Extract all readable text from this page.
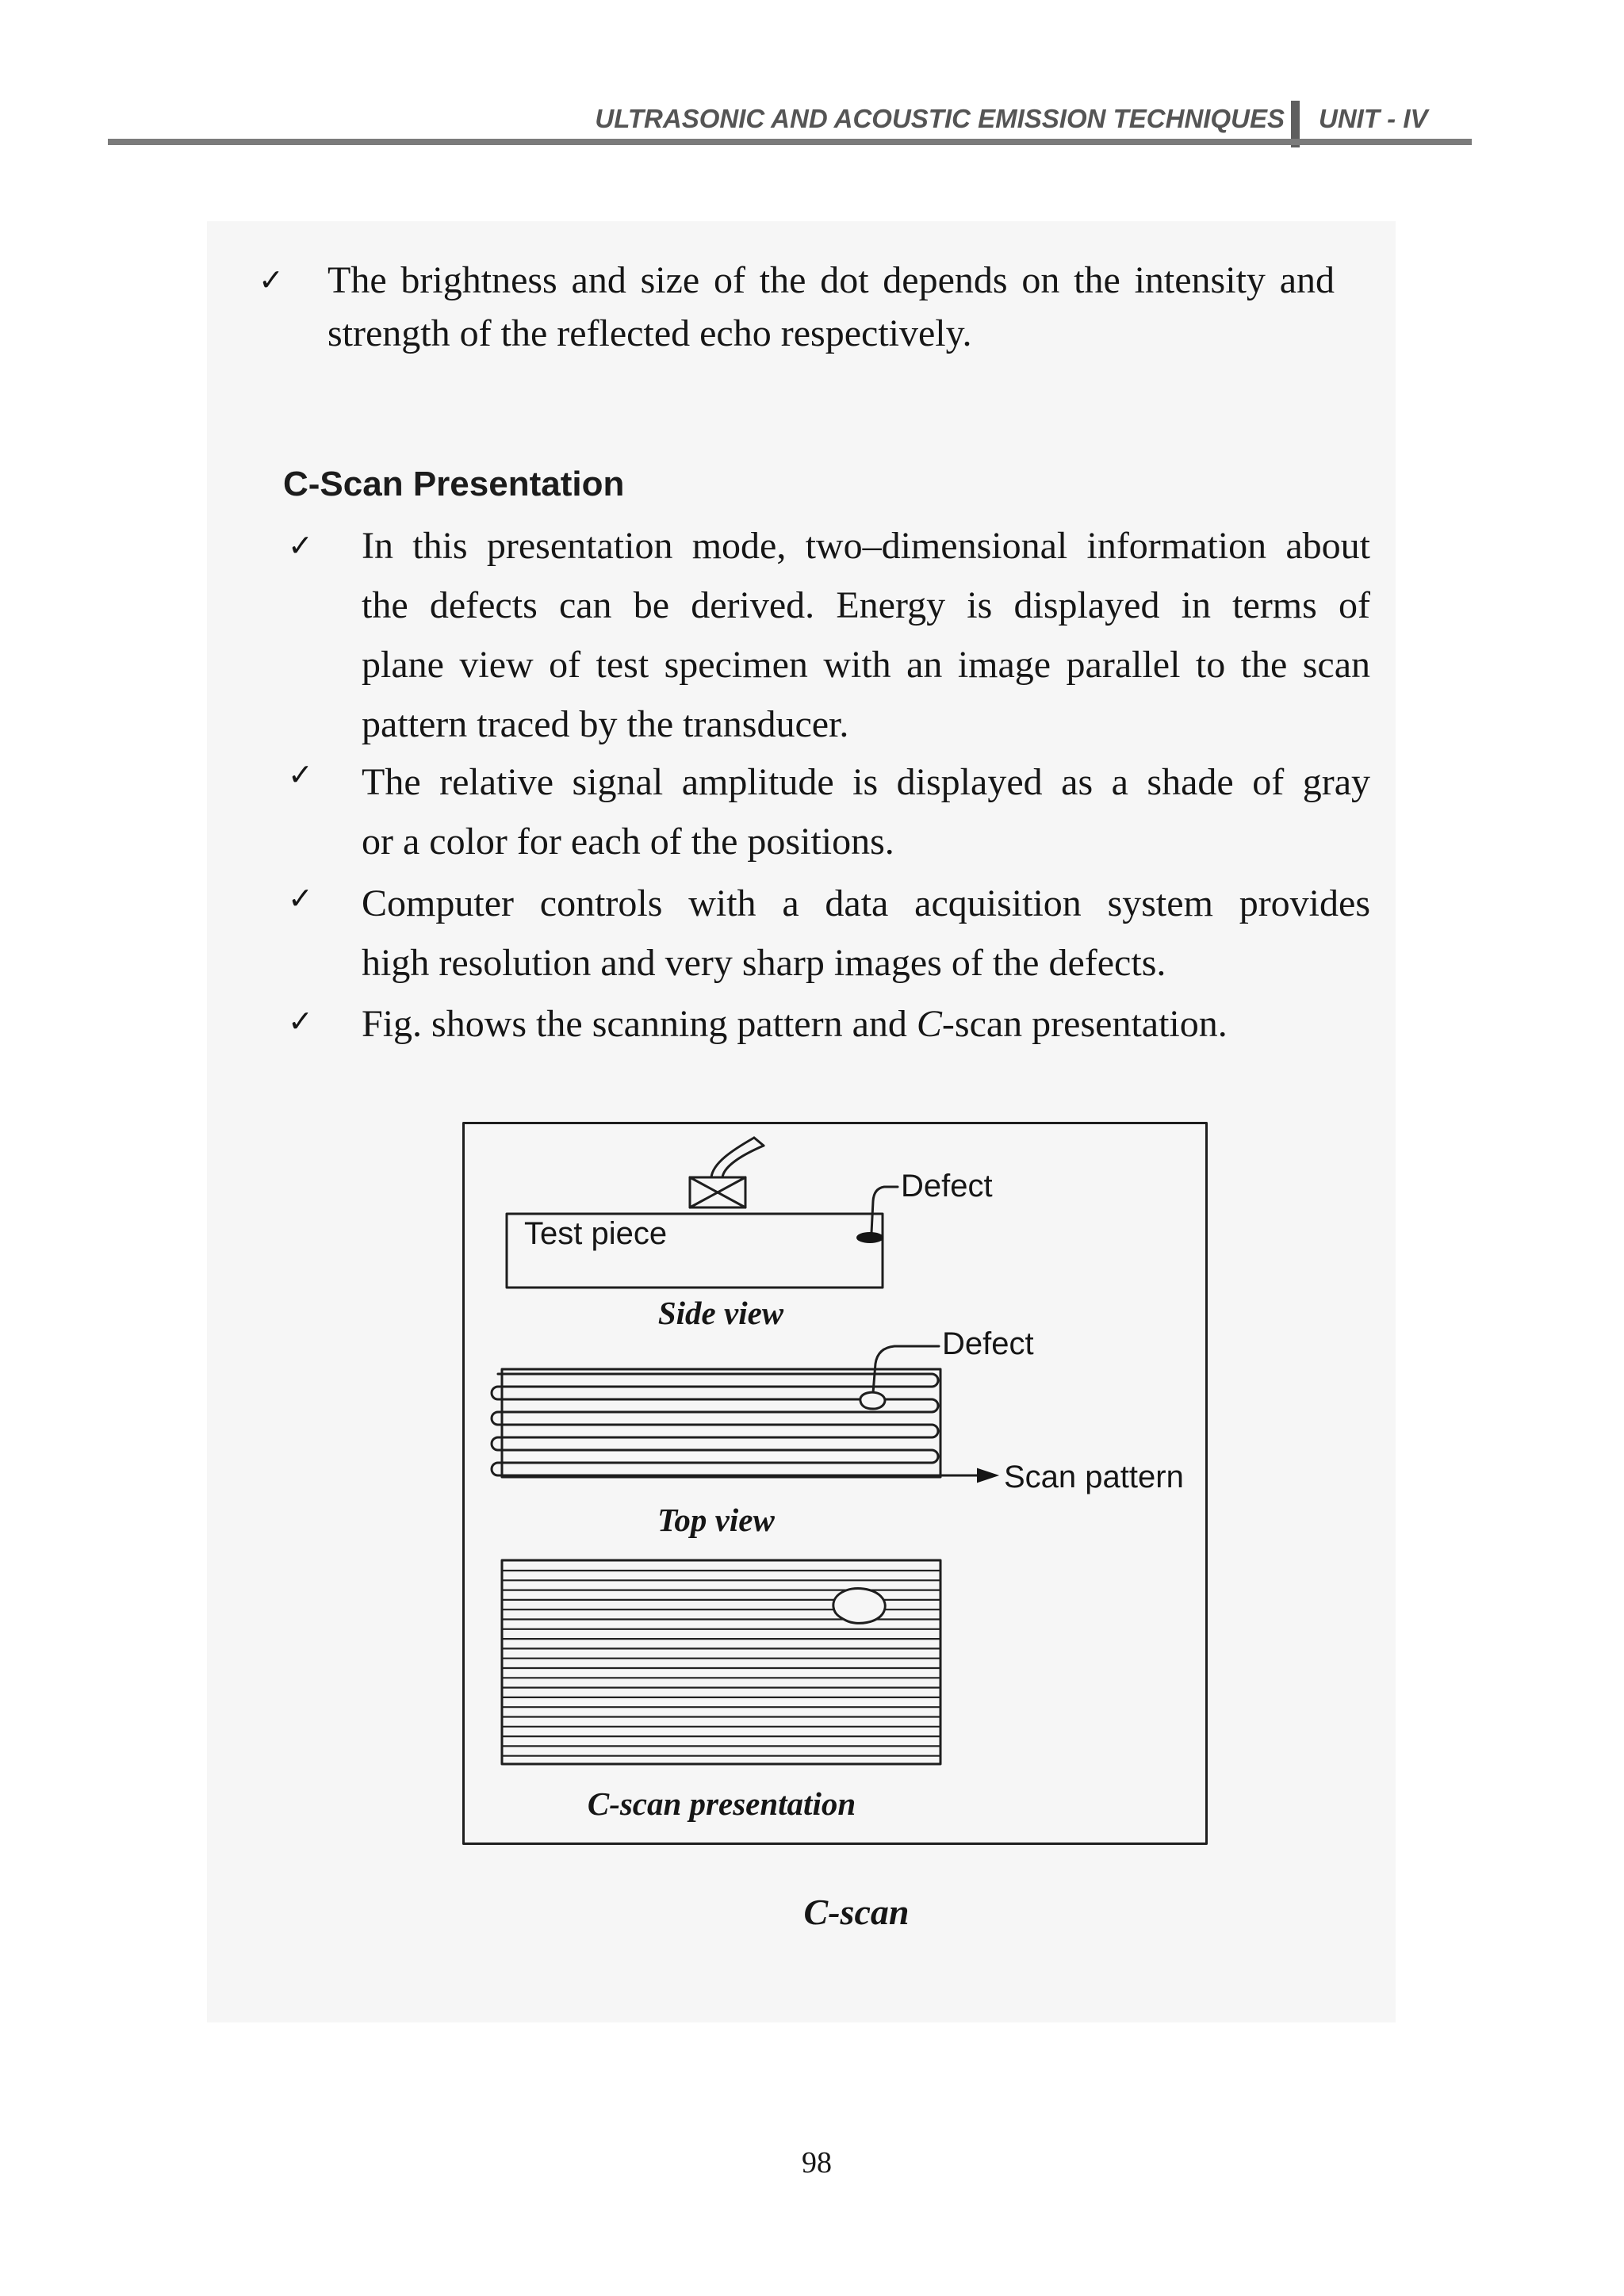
ULTRASONIC AND ACOUSTIC EMISSION TECHNIQUES UNIT - IV
✓ The brightness and size of the dot depends on the intensity and
strength of the reflected echo respectively.
C-Scan Presentation
✓ In this presentation mode, two–dimensional information about
the defects can be derived. Energy is displayed in terms of
plane view of test specimen with an image parallel to the scan
pattern traced by the transducer.
✓ The relative signal amplitude is displayed as a shade of gray
or a color for each of the positions.
✓ Computer controls with a data acquisition system provides
high resolution and very sharp images of the defects.
✓ Fig. shows the scanning pattern and C-scan presentation.
Defect
Test piece
Side view
Defect
Scan pattern
Top view
C-scan presentation
C-scan
98
